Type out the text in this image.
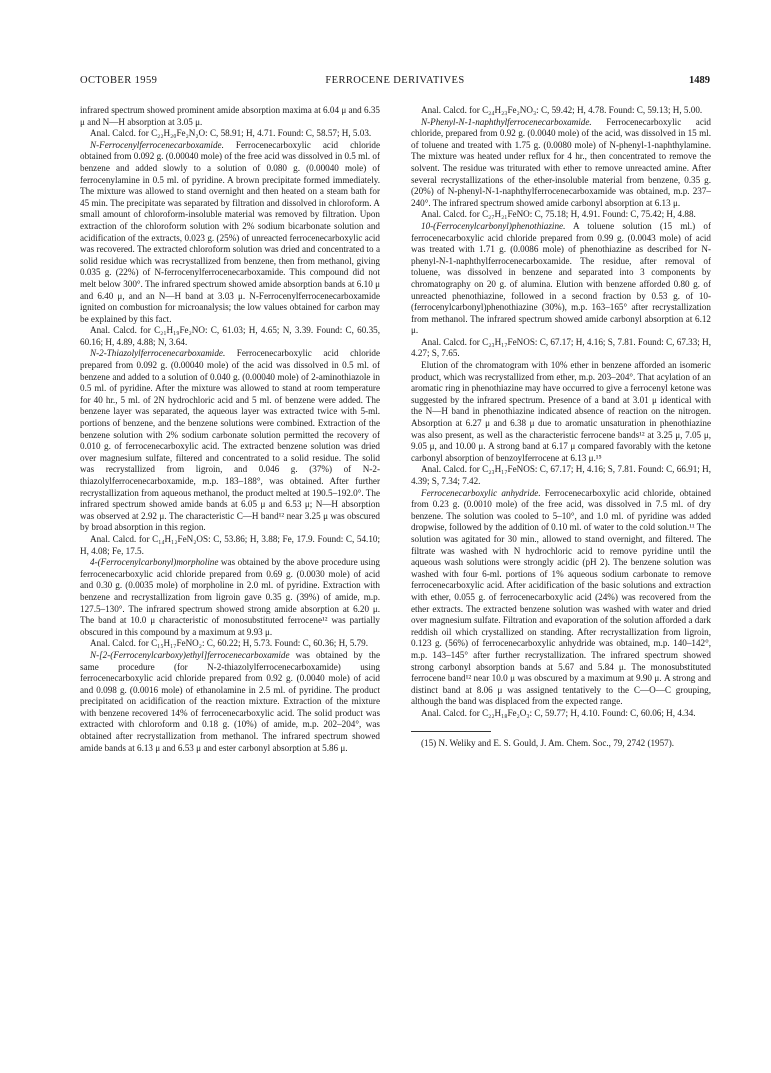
OCTOBER 1959	FERROCENE DERIVATIVES	1489

infrared spectrum showed prominent amide absorption maxima at 6.04 μ and 6.35 μ and N—H absorption at 3.05 μ.

Anal. Calcd. for C₂₂H₂₀Fe₂N₂O: C, 58.91; H, 4.71. Found: C, 58.57; H, 5.03.

N-Ferrocenylferrocenecarboxamide. Ferrocenecarboxylic acid chloride obtained from 0.092 g. (0.00040 mole) of the free acid was dissolved in 0.5 ml. of benzene and added slowly to a solution of 0.080 g. (0.00040 mole) of ferrocenylamine in 0.5 ml. of pyridine. A brown precipitate formed immediately. The mixture was allowed to stand overnight and then heated on a steam bath for 45 min. The precipitate was separated by filtration and dissolved in chloroform. A small amount of chloroform-insoluble material was removed by filtration. Upon extraction of the chloroform solution with 2% sodium bicarbonate solution and acidification of the extracts, 0.023 g. (25%) of unreacted ferrocenecarboxylic acid was recovered. The extracted chloroform solution was dried and concentrated to a solid residue which was recrystallized from benzene, then from methanol, giving 0.035 g. (22%) of N-ferrocenylferrocenecarboxamide. This compound did not melt below 300°. The infrared spectrum showed amide absorption bands at 6.10 μ and 6.40 μ, and an N—H band at 3.03 μ. N-Ferrocenylferrocenecarboxamide ignited on combustion for microanalysis; the low values obtained for carbon may be explained by this fact.

Anal. Calcd. for C₂₁H₁₉Fe₂NO: C, 61.03; H, 4.65; N, 3.39. Found: C, 60.35, 60.16; H, 4.89, 4.88; N, 3.64.

N-2-Thiazolylferrocenecarboxamide. Ferrocenecarboxylic acid chloride prepared from 0.092 g. (0.00040 mole) of the acid was dissolved in 0.5 ml. of benzene and added to a solution of 0.040 g. (0.00040 mole) of 2-aminothiazole in 0.5 ml. of pyridine. After the mixture was allowed to stand at room temperature for 40 hr., 5 ml. of 2N hydrochloric acid and 5 ml. of benzene were added. The benzene layer was separated, the aqueous layer was extracted twice with 5-ml. portions of benzene, and the benzene solutions were combined. Extraction of the benzene solution with 2% sodium carbonate solution permitted the recovery of 0.010 g. of ferrocenecarboxylic acid. The extracted benzene solution was dried over magnesium sulfate, filtered and concentrated to a solid residue. The solid was recrystallized from ligroin, and 0.046 g. (37%) of N-2-thiazolylferrocenecarboxamide, m.p. 183–188°, was obtained. After further recrystallization from aqueous methanol, the product melted at 190.5–192.0°. The infrared spectrum showed amide bands at 6.05 μ and 6.53 μ; N—H absorption was observed at 2.92 μ. The characteristic C—H band¹² near 3.25 μ was obscured by broad absorption in this region.

Anal. Calcd. for C₁₄H₁₂FeN₂OS: C, 53.86; H, 3.88; Fe, 17.9. Found: C, 54.10; H, 4.08; Fe, 17.5.

4-(Ferrocenylcarbonyl)morpholine was obtained by the above procedure using ferrocenecarboxylic acid chloride prepared from 0.69 g. (0.0030 mole) of acid and 0.30 g. (0.0035 mole) of morpholine in 2.0 ml. of pyridine. Extraction with benzene and recrystallization from ligroin gave 0.35 g. (39%) of amide, m.p. 127.5–130°. The infrared spectrum showed strong amide absorption at 6.20 μ. The band at 10.0 μ characteristic of monosubstituted ferrocene¹² was partially obscured in this compound by a maximum at 9.93 μ.

Anal. Calcd. for C₁₅H₁₇FeNO₂: C, 60.22; H, 5.73. Found: C, 60.36; H, 5.79.

N-[2-(Ferrocenylcarboxy)ethyl]ferrocenecarboxamide was obtained by the same procedure (for N-2-thiazolylferrocenecarboxamide) using ferrocenecarboxylic acid chloride prepared from 0.92 g. (0.0040 mole) of acid and 0.098 g. (0.0016 mole) of ethanolamine in 2.5 ml. of pyridine. The product precipitated on acidification of the reaction mixture. Extraction of the mixture with benzene recovered 14% of ferrocenecarboxylic acid. The solid product was extracted with chloroform and 0.18 g. (10%) of amide, m.p. 202–204°, was obtained after recrystallization from methanol. The infrared spectrum showed amide bands at 6.13 μ and 6.53 μ and ester carbonyl absorption at 5.86 μ.

Anal. Calcd. for C₂₄H₂₃Fe₂NO₃: C, 59.42; H, 4.78. Found: C, 59.13; H, 5.00.

N-Phenyl-N-1-naphthylferrocenecarboxamide. Ferrocenecarboxylic acid chloride, prepared from 0.92 g. (0.0040 mole) of the acid, was dissolved in 15 ml. of toluene and treated with 1.75 g. (0.0080 mole) of N-phenyl-1-naphthylamine. The mixture was heated under reflux for 4 hr., then concentrated to remove the solvent. The residue was triturated with ether to remove unreacted amine. After several recrystallizations of the ether-insoluble material from benzene, 0.35 g. (20%) of N-phenyl-N-1-naphthylferrocenecarboxamide was obtained, m.p. 237–240°. The infrared spectrum showed amide carbonyl absorption at 6.13 μ.

Anal. Calcd. for C₂₇H₂₁FeNO: C, 75.18; H, 4.91. Found: C, 75.42; H, 4.88.

10-(Ferrocenylcarbonyl)phenothiazine. A toluene solution (15 ml.) of ferrocenecarboxylic acid chloride prepared from 0.99 g. (0.0043 mole) of acid was treated with 1.71 g. (0.0086 mole) of phenothiazine as described for N-phenyl-N-1-naphthylferrocenecarboxamide. The residue, after removal of toluene, was dissolved in benzene and separated into 3 components by chromatography on 20 g. of alumina. Elution with benzene afforded 0.80 g. of unreacted phenothiazine, followed in a second fraction by 0.53 g. of 10-(ferrocenylcarbonyl)phenothiazine (30%), m.p. 163–165° after recrystallization from methanol. The infrared spectrum showed amide carbonyl absorption at 6.12 μ.

Anal. Calcd. for C₂₃H₁₇FeNOS: C, 67.17; H, 4.16; S, 7.81. Found: C, 67.33; H, 4.27; S, 7.65.

Elution of the chromatogram with 10% ether in benzene afforded an isomeric product, which was recrystallized from ether, m.p. 203–204°. That acylation of an aromatic ring in phenothiazine may have occurred to give a ferrocenyl ketone was suggested by the infrared spectrum. Presence of a band at 3.01 μ identical with the N—H band in phenothiazine indicated absence of reaction on the nitrogen. Absorption at 6.27 μ and 6.38 μ due to aromatic unsaturation in phenothiazine was also present, as well as the characteristic ferrocene bands¹² at 3.25 μ, 7.05 μ, 9.05 μ, and 10.00 μ. A strong band at 6.17 μ compared favorably with the ketone carbonyl absorption of benzoylferrocene at 6.13 μ.¹⁵

Anal. Calcd. for C₂₃H₁₇FeNOS: C, 67.17; H, 4.16; S, 7.81. Found: C, 66.91; H, 4.39; S, 7.34; 7.42.

Ferrocenecarboxylic anhydride. Ferrocenecarboxylic acid chloride, obtained from 0.23 g. (0.0010 mole) of the free acid, was dissolved in 7.5 ml. of dry benzene. The solution was cooled to 5–10°, and 1.0 ml. of pyridine was added dropwise, followed by the addition of 0.10 ml. of water to the cold solution.¹¹ The solution was agitated for 30 min., allowed to stand overnight, and filtered. The filtrate was washed with N hydrochloric acid to remove pyridine until the aqueous wash solutions were strongly acidic (pH 2). The benzene solution was washed with four 6-ml. portions of 1% aqueous sodium carbonate to remove ferrocenecarboxylic acid. After acidification of the basic solutions and extraction with ether, 0.055 g. of ferrocenecarboxylic acid (24%) was recovered from the ether extracts. The extracted benzene solution was washed with water and dried over magnesium sulfate. Filtration and evaporation of the solution afforded a dark reddish oil which crystallized on standing. After recrystallization from ligroin, 0.123 g. (56%) of ferrocenecarboxylic anhydride was obtained, m.p. 140–142°, m.p. 143–145° after further recrystallization. The infrared spectrum showed strong carbonyl absorption bands at 5.67 and 5.84 μ. The monosubstituted ferrocene band¹² near 10.0 μ was obscured by a maximum at 9.90 μ. A strong and distinct band at 8.06 μ was assigned tentatively to the C—O—C grouping, although the band was displaced from the expected range.

Anal. Calcd. for C₂₂H₁₈Fe₂O₃: C, 59.77; H, 4.10. Found: C, 60.06; H, 4.34.

(15) N. Weliky and E. S. Gould, J. Am. Chem. Soc., 79, 2742 (1957).
